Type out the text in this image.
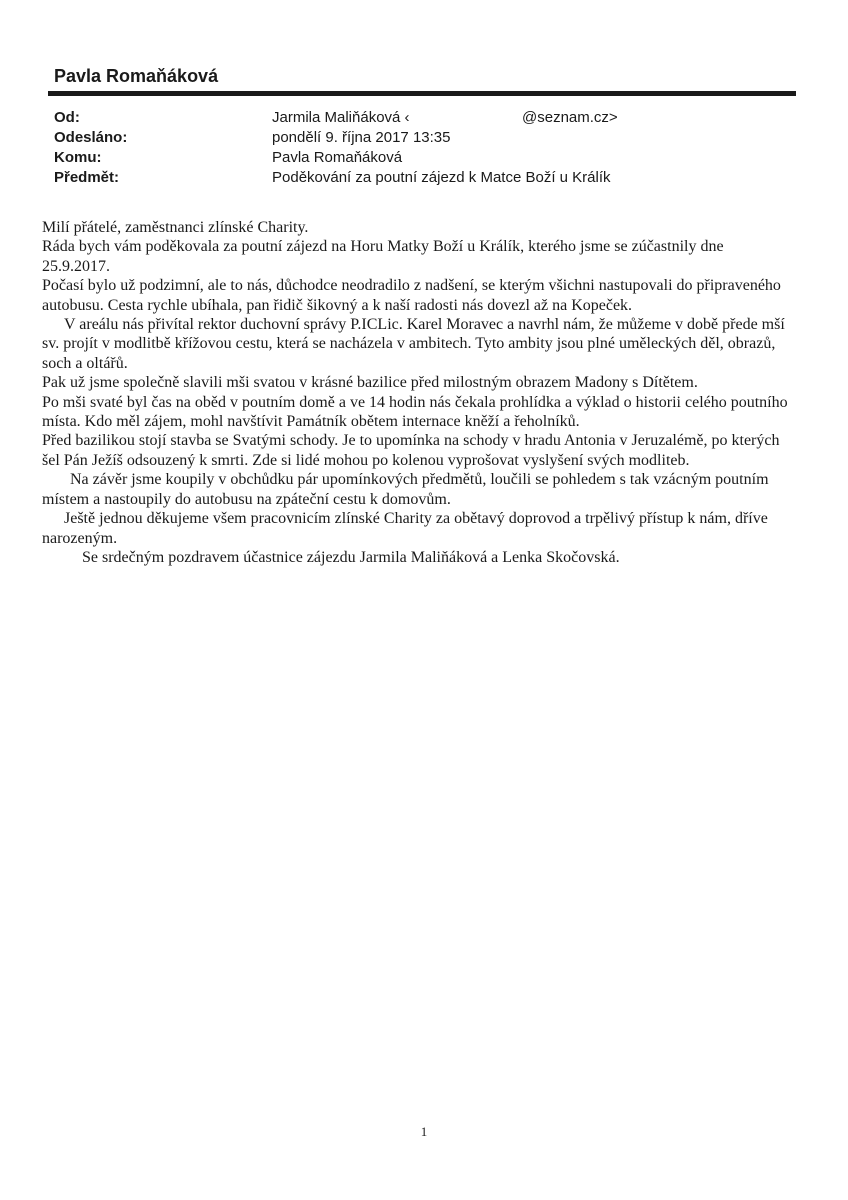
Pavla Romaňáková
Od:	Jarmila Maliňáková ‹	@seznam.cz>
Odesláno:	pondělí 9. října 2017 13:35
Komu:	Pavla Romaňáková
Předmět:	Poděkování za poutní zájezd k Matce Boží u Králík

Milí přátelé, zaměstnanci zlínské Charity.

Ráda bych vám poděkovala za poutní zájezd na Horu Matky Boží u Králík, kterého jsme se zúčastnily dne 25.9.2017.

Počasí bylo už podzimní, ale to nás, důchodce neodradilo z nadšení, se kterým všichni nastupovali do připraveného autobusu. Cesta rychle ubíhala, pan řidič šikovný a k naší radosti nás dovezl až na Kopeček.

V areálu nás přivítal rektor duchovní správy P.ICLic. Karel Moravec a navrhl nám, že můžeme v době přede mší sv. projít v modlitbě křížovou cestu, která se nacházela v ambitech. Tyto ambity jsou plné uměleckých děl, obrazů, soch a oltářů.

Pak už jsme společně slavili mši svatou v krásné bazilice před milostným obrazem Madony s Dítětem.

Po mši svaté byl čas na oběd v poutním domě a ve 14 hodin nás čekala prohlídka a výklad o historii celého poutního místa. Kdo měl zájem, mohl navštívit Památník obětem internace kněží a řeholníků.

Před bazilikou stojí stavba se Svatými schody. Je to upomínka na schody v hradu Antonia v Jeruzalémě, po kterých šel Pán Ježíš odsouzený k smrti. Zde si lidé mohou po kolenou vyprošovat vyslyšení svých modliteb.

Na závěr jsme koupily v obchůdku pár upomínkových předmětů, loučili se pohledem s tak vzácným poutním místem a nastoupily do autobusu na zpáteční cestu k domovům.

Ještě jednou děkujeme všem pracovnicím zlínské Charity za obětavý doprovod a trpělivý přístup k nám, dříve narozeným.

Se srdečným pozdravem účastnice zájezdu Jarmila Maliňáková a Lenka Skočovská.

1
